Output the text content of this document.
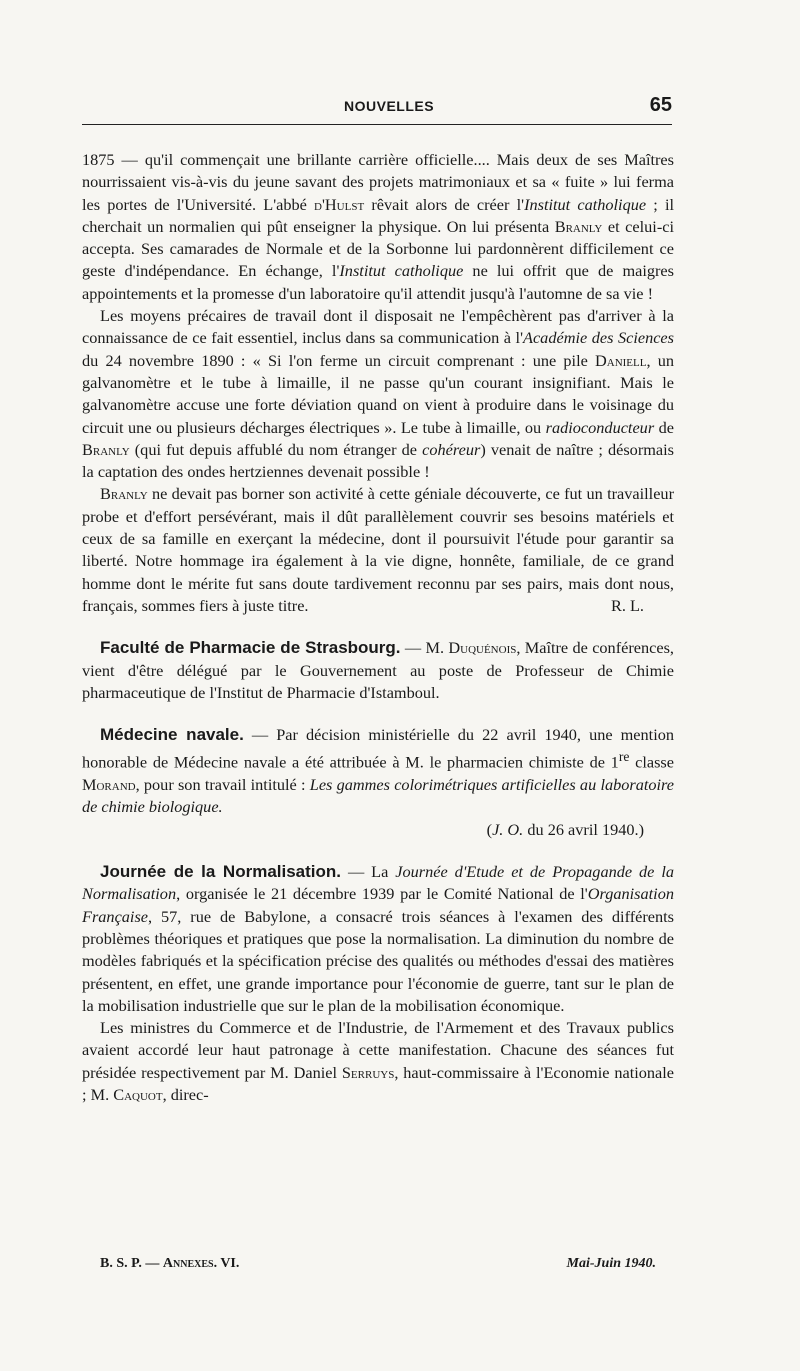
NOUVELLES	65

1875 — qu'il commençait une brillante carrière officielle.... Mais deux de ses Maîtres nourrissaient vis-à-vis du jeune savant des projets matrimoniaux et sa « fuite » lui ferma les portes de l'Université. L'abbé d'Hulst rêvait alors de créer l'Institut catholique ; il cherchait un normalien qui pût enseigner la physique. On lui présenta Branly et celui-ci accepta. Ses camarades de Normale et de la Sorbonne lui pardonnèrent difficilement ce geste d'indépendance. En échange, l'Institut catholique ne lui offrit que de maigres appointements et la promesse d'un laboratoire qu'il attendit jusqu'à l'automne de sa vie !

Les moyens précaires de travail dont il disposait ne l'empêchèrent pas d'arriver à la connaissance de ce fait essentiel, inclus dans sa communication à l'Académie des Sciences du 24 novembre 1890 : « Si l'on ferme un circuit comprenant : une pile Daniell, un galvanomètre et le tube à limaille, il ne passe qu'un courant insignifiant. Mais le galvanomètre accuse une forte déviation quand on vient à produire dans le voisinage du circuit une ou plusieurs décharges électriques ». Le tube à limaille, ou radioconducteur de Branly (qui fut depuis affublé du nom étranger de cohéreur) venait de naître ; désormais la captation des ondes hertziennes devenait possible !

Branly ne devait pas borner son activité à cette géniale découverte, ce fut un travailleur probe et d'effort persévérant, mais il dût parallèlement couvrir ses besoins matériels et ceux de sa famille en exerçant la médecine, dont il poursuivit l'étude pour garantir sa liberté. Notre hommage ira également à la vie digne, honnête, familiale, de ce grand homme dont le mérite fut sans doute tardivement reconnu par ses pairs, mais dont nous, français, sommes fiers à juste titre.	R. L.

Faculté de Pharmacie de Strasbourg. — M. Duquénois, Maître de conférences, vient d'être délégué par le Gouvernement au poste de Professeur de Chimie pharmaceutique de l'Institut de Pharmacie d'Istamboul.

Médecine navale. — Par décision ministérielle du 22 avril 1940, une mention honorable de Médecine navale a été attribuée à M. le pharmacien chimiste de 1re classe Morand, pour son travail intitulé : Les gammes colorimétriques artificielles au laboratoire de chimie biologique.

(J. O. du 26 avril 1940.)

Journée de la Normalisation. — La Journée d'Etude et de Propagande de la Normalisation, organisée le 21 décembre 1939 par le Comité National de l'Organisation Française, 57, rue de Babylone, a consacré trois séances à l'examen des différents problèmes théoriques et pratiques que pose la normalisation. La diminution du nombre de modèles fabriqués et la spécification précise des qualités ou méthodes d'essai des matières présentent, en effet, une grande importance pour l'économie de guerre, tant sur le plan de la mobilisation industrielle que sur le plan de la mobilisation économique.

Les ministres du Commerce et de l'Industrie, de l'Armement et des Travaux publics avaient accordé leur haut patronage à cette manifestation. Chacune des séances fut présidée respectivement par M. Daniel Serruys, haut-commissaire à l'Economie nationale ; M. Caquot, direc-

B. S. P. — Annexes. VI.	Mai-Juin 1940.
